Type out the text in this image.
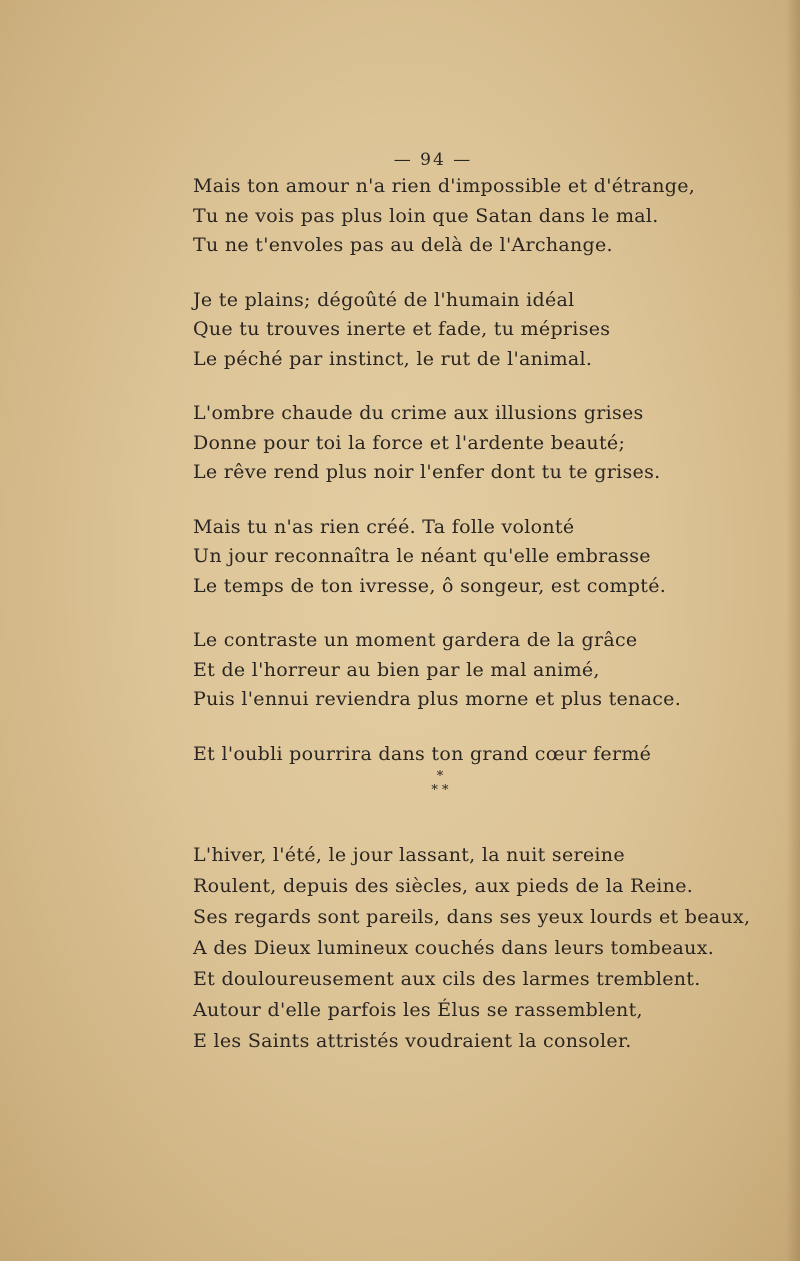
— 94 —
Mais ton amour n'a rien d'impossible et d'étrange,
Tu ne vois pas plus loin que Satan dans le mal.
Tu ne t'envoles pas au delà de l'Archange.
Je te plains; dégoûté de l'humain idéal
Que tu trouves inerte et fade, tu méprises
Le péché par instinct, le rut de l'animal.
L'ombre chaude du crime aux illusions grises
Donne pour toi la force et l'ardente beauté;
Le rêve rend plus noir l'enfer dont tu te grises.
Mais tu n'as rien créé. Ta folle volonté
Un jour reconnaîtra le néant qu'elle embrasse
Le temps de ton ivresse, ô songeur, est compté.
Le contraste un moment gardera de la grâce
Et de l'horreur au bien par le mal animé,
Puis l'ennui reviendra plus morne et plus tenace.
Et l'oubli pourrira dans ton grand cœur fermé
*
* *
L'hiver, l'été, le jour lassant, la nuit sereine
Roulent, depuis des siècles, aux pieds de la Reine.
Ses regards sont pareils, dans ses yeux lourds et beaux,
A des Dieux lumineux couchés dans leurs tombeaux.
Et douloureusement aux cils des larmes tremblent.
Autour d'elle parfois les Élus se rassemblent,
E les Saints attristés voudraient la consoler.
